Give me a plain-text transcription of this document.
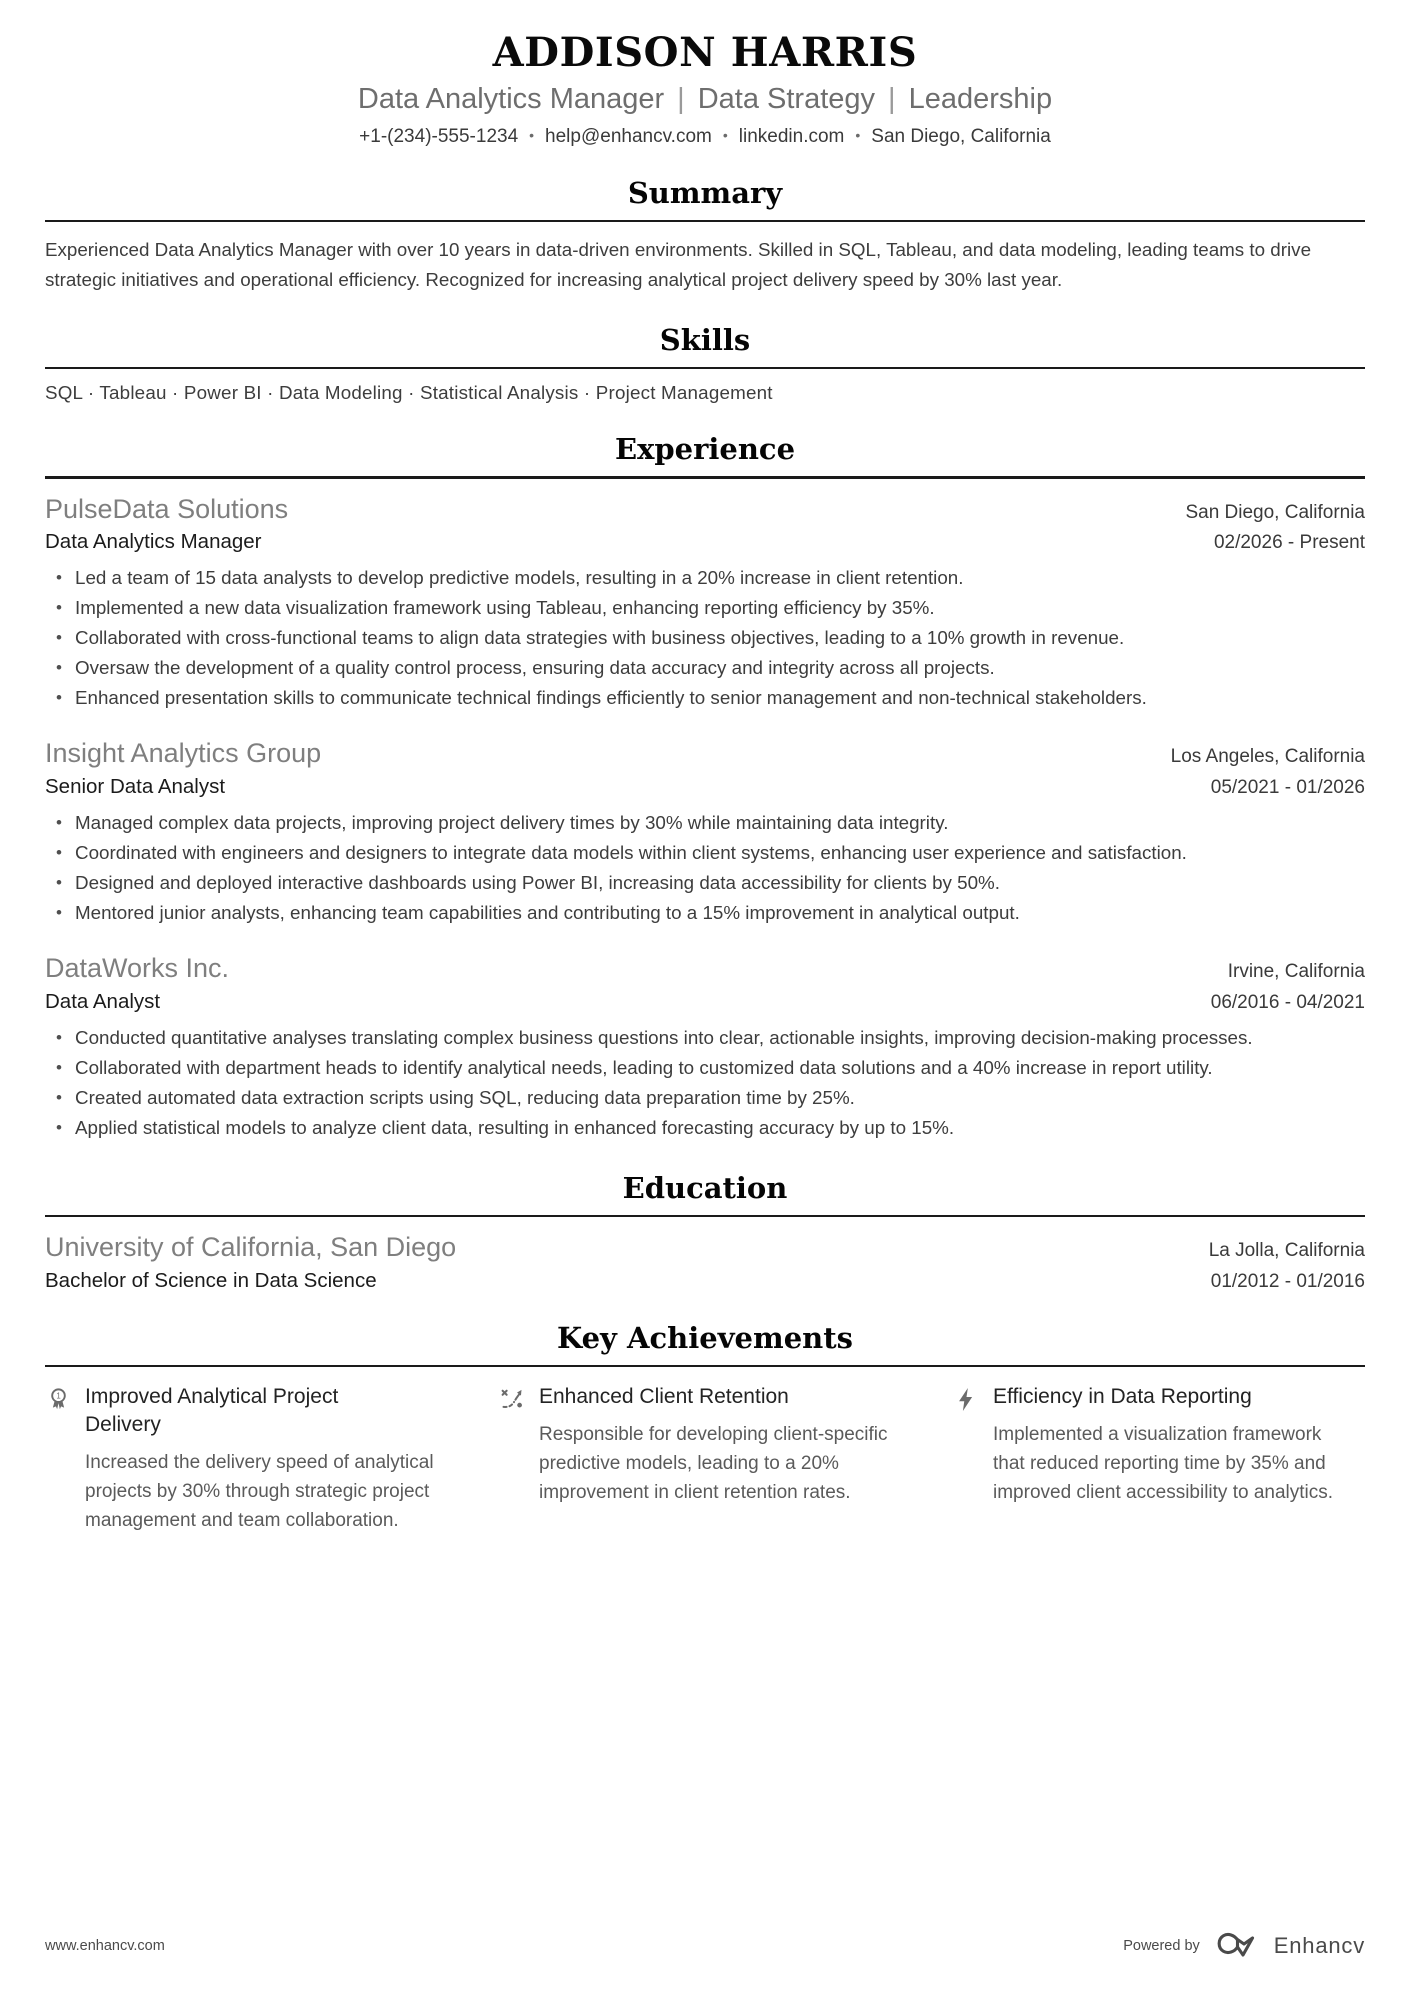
ADDISON HARRIS
Data Analytics Manager | Data Strategy | Leadership
+1-(234)-555-1234 • help@enhancv.com • linkedin.com • San Diego, California
Summary
Experienced Data Analytics Manager with over 10 years in data-driven environments. Skilled in SQL, Tableau, and data modeling, leading teams to drive strategic initiatives and operational efficiency. Recognized for increasing analytical project delivery speed by 30% last year.
Skills
SQL · Tableau · Power BI · Data Modeling · Statistical Analysis · Project Management
Experience
PulseData Solutions	San Diego, California
Data Analytics Manager	02/2026 - Present
• Led a team of 15 data analysts to develop predictive models, resulting in a 20% increase in client retention.
• Implemented a new data visualization framework using Tableau, enhancing reporting efficiency by 35%.
• Collaborated with cross-functional teams to align data strategies with business objectives, leading to a 10% growth in revenue.
• Oversaw the development of a quality control process, ensuring data accuracy and integrity across all projects.
• Enhanced presentation skills to communicate technical findings efficiently to senior management and non-technical stakeholders.
Insight Analytics Group	Los Angeles, California
Senior Data Analyst	05/2021 - 01/2026
• Managed complex data projects, improving project delivery times by 30% while maintaining data integrity.
• Coordinated with engineers and designers to integrate data models within client systems, enhancing user experience and satisfaction.
• Designed and deployed interactive dashboards using Power BI, increasing data accessibility for clients by 50%.
• Mentored junior analysts, enhancing team capabilities and contributing to a 15% improvement in analytical output.
DataWorks Inc.	Irvine, California
Data Analyst	06/2016 - 04/2021
• Conducted quantitative analyses translating complex business questions into clear, actionable insights, improving decision-making processes.
• Collaborated with department heads to identify analytical needs, leading to customized data solutions and a 40% increase in report utility.
• Created automated data extraction scripts using SQL, reducing data preparation time by 25%.
• Applied statistical models to analyze client data, resulting in enhanced forecasting accuracy by up to 15%.
Education
University of California, San Diego	La Jolla, California
Bachelor of Science in Data Science	01/2012 - 01/2016
Key Achievements
1 Improved Analytical Project Delivery
Increased the delivery speed of analytical projects by 30% through strategic project management and team collaboration.
Enhanced Client Retention
Responsible for developing client-specific predictive models, leading to a 20% improvement in client retention rates.
Efficiency in Data Reporting
Implemented a visualization framework that reduced reporting time by 35% and improved client accessibility to analytics.
www.enhancv.com	Powered by	Enhancv
